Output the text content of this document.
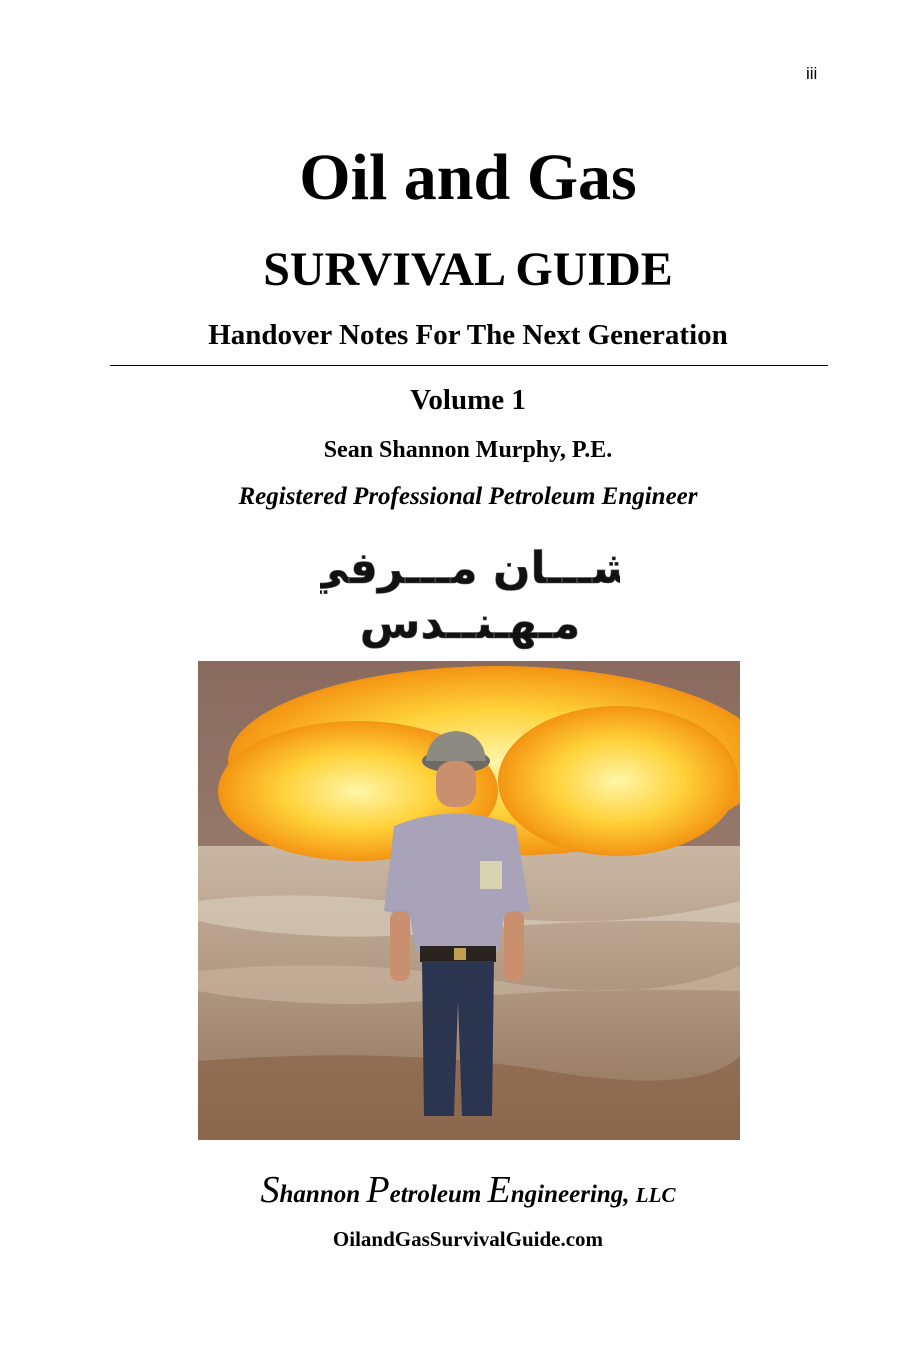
iii
Oil and Gas
SURVIVAL GUIDE
Handover Notes For The Next Generation
Volume 1
Sean Shannon Murphy, P.E.
Registered Professional Petroleum Engineer
شـــان مـــرفي
مـهـنــدس
Shannon Petroleum Engineering, LLC
OilandGasSurvivalGuide.com
